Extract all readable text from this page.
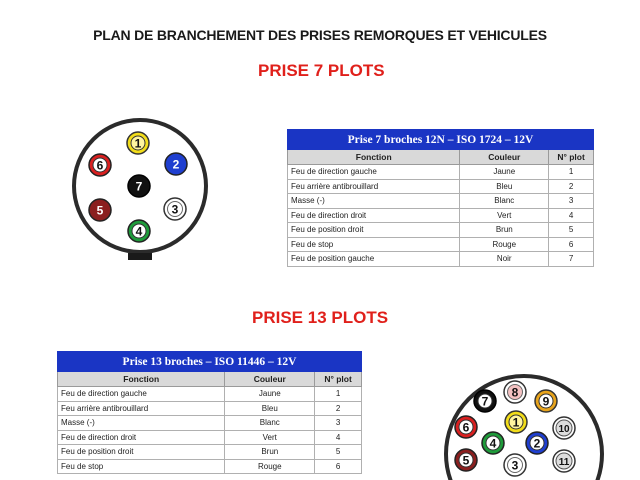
PLAN DE BRANCHEMENT DES PRISES REMORQUES ET VEHICULES
PRISE 7 PLOTS
1
2
3
4
5
6
7
Prise 7 broches 12N – ISO 1724 – 12V		
Fonction	Couleur	N° plot
Feu de direction gauche	Jaune	1
Feu arrière antibrouillard	Bleu	2
Masse (-)	Blanc	3
Feu de direction droit	Vert	4
Feu de position droit	Brun	5
Feu de stop	Rouge	6
Feu de position gauche	Noir	7
PRISE 13 PLOTS
Prise 13 broches – ISO 11446 – 12V		
Fonction	Couleur	N° plot
Feu de direction gauche	Jaune	1
Feu arrière antibrouillard	Bleu	2
Masse (-)	Blanc	3
Feu de direction droit	Vert	4
Feu de position droit	Brun	5
Feu de stop	Rouge	6
8
7	9
1
6	10
4	2
5	3	11
